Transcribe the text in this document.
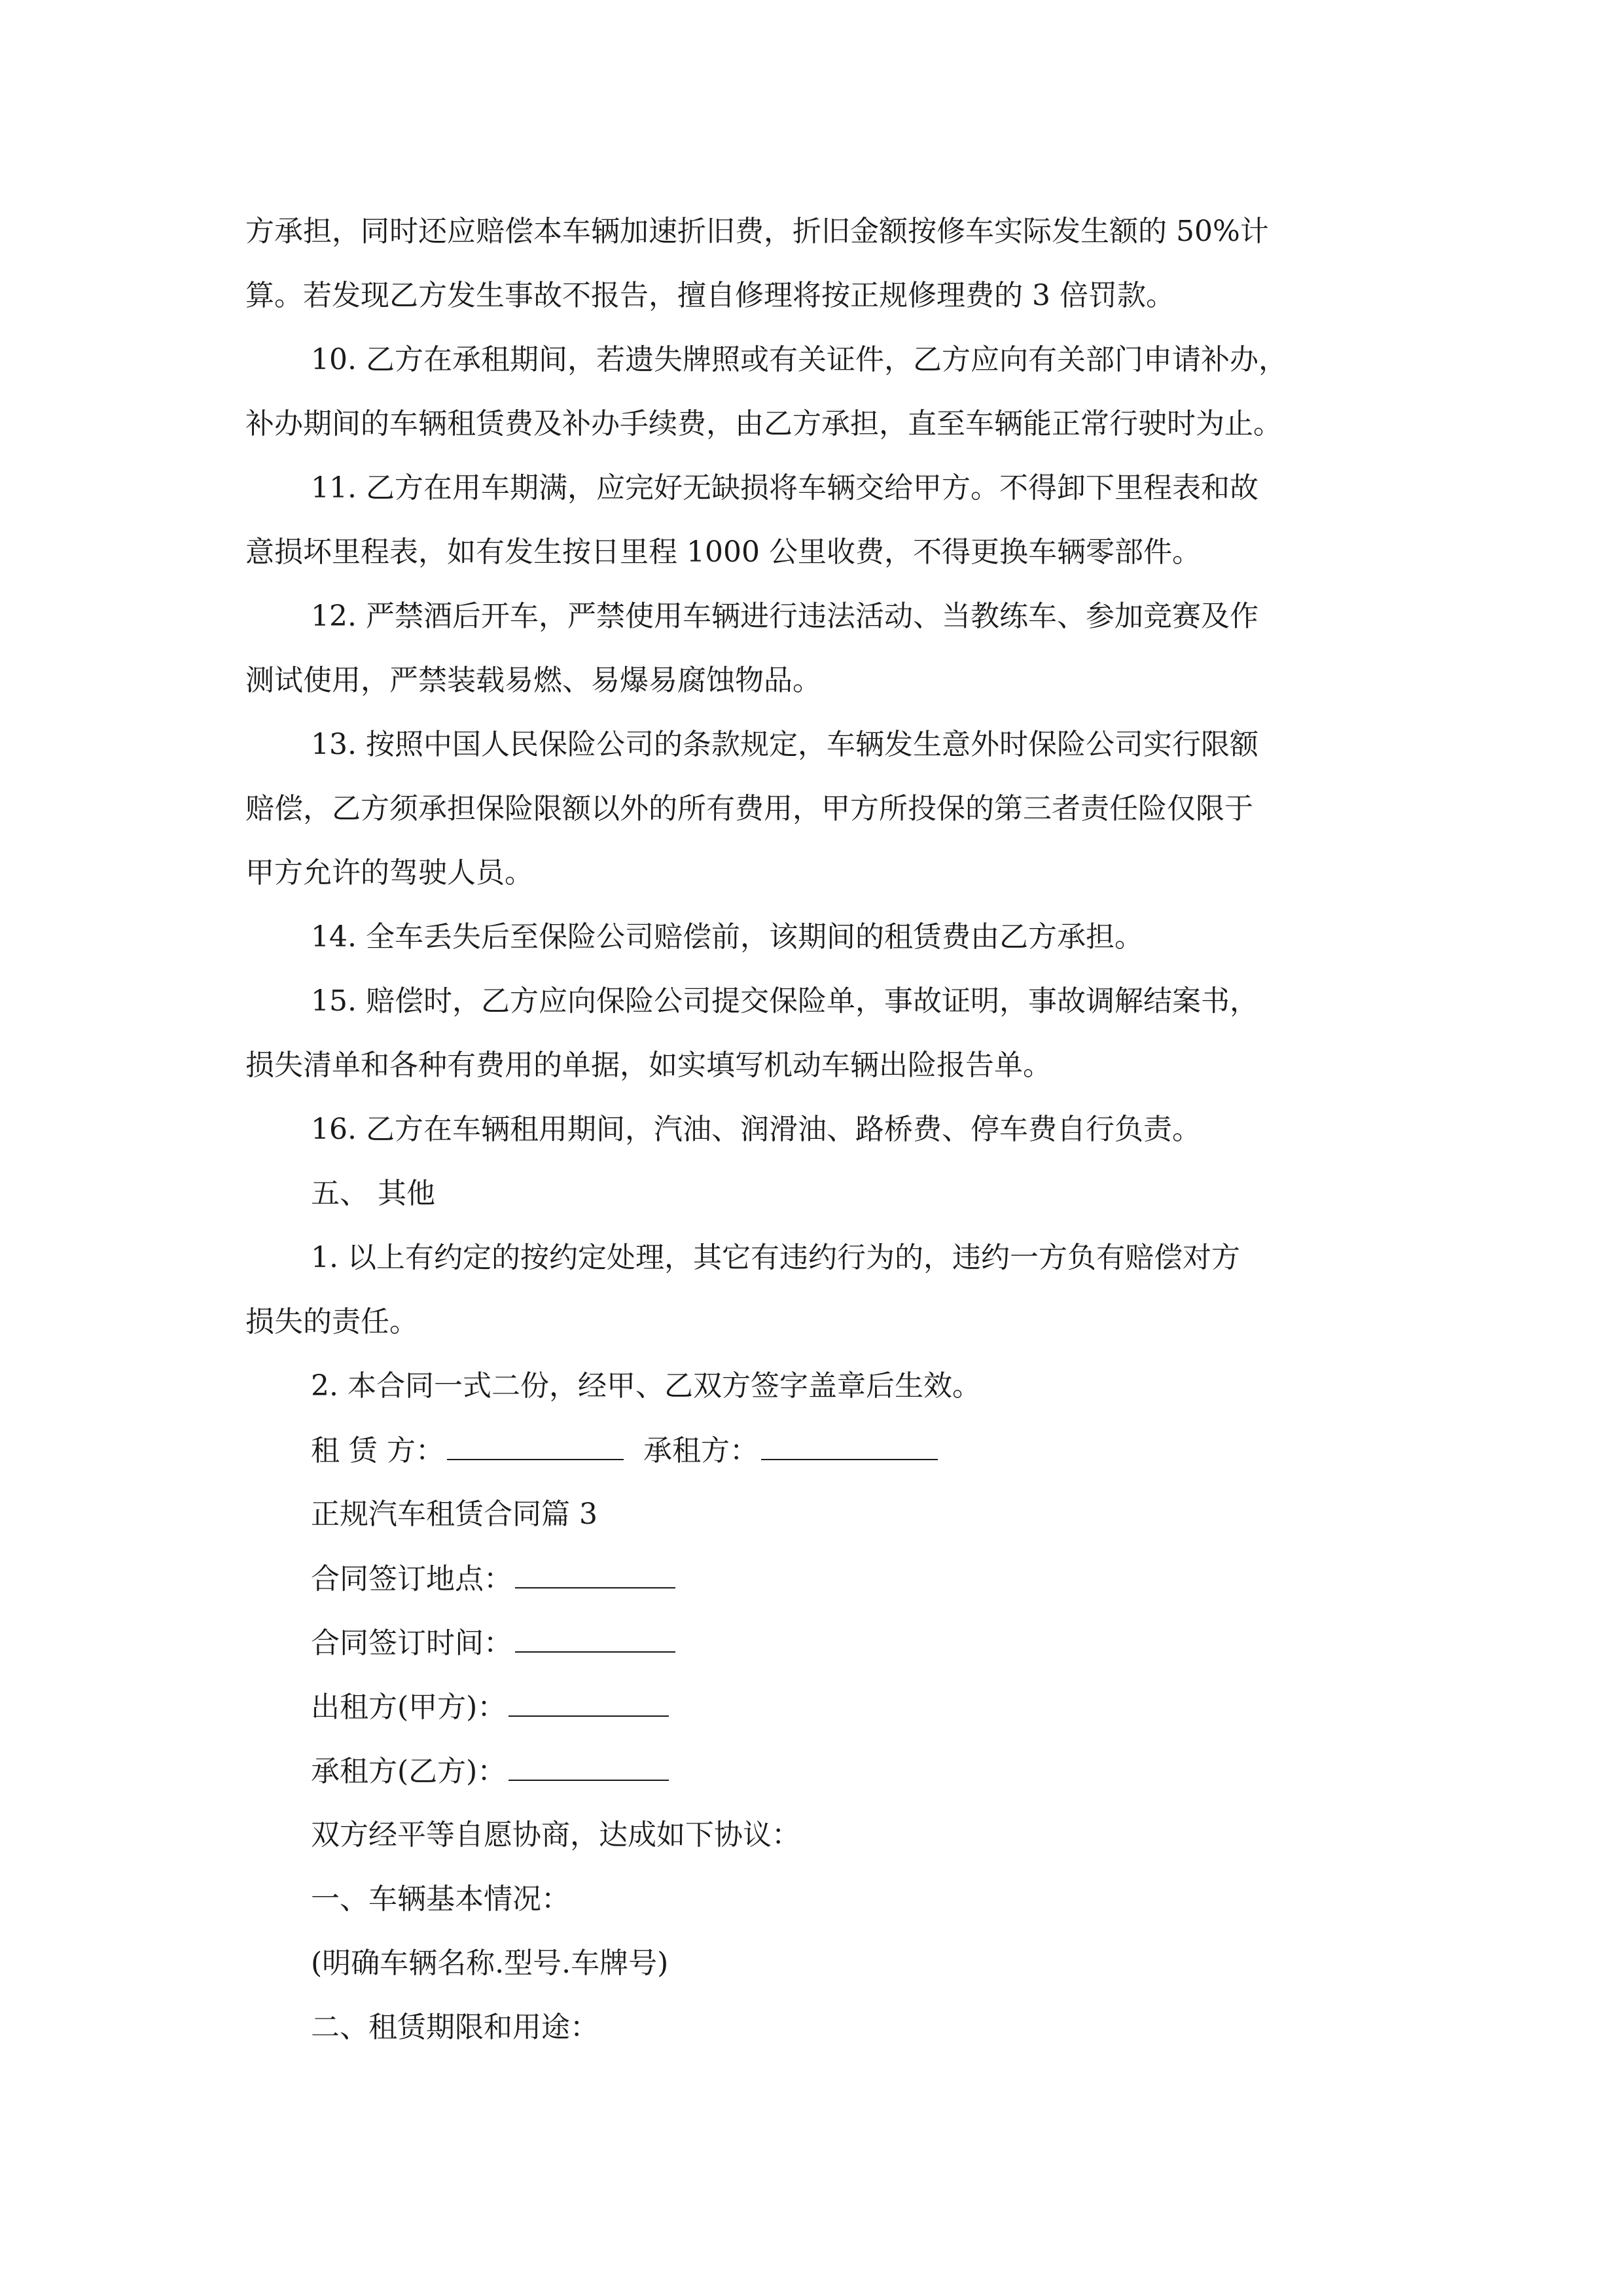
方承担，同时还应赔偿本车辆加速折旧费，折旧金额按修车实际发生额的 50%计
算。若发现乙方发生事故不报告，擅自修理将按正规修理费的 3 倍罚款。
10. 乙方在承租期间，若遗失牌照或有关证件，乙方应向有关部门申请补办，
补办期间的车辆租赁费及补办手续费，由乙方承担，直至车辆能正常行驶时为止。
11. 乙方在用车期满，应完好无缺损将车辆交给甲方。不得卸下里程表和故
意损坏里程表，如有发生按日里程 1000 公里收费，不得更换车辆零部件。
12. 严禁酒后开车，严禁使用车辆进行违法活动、当教练车、参加竞赛及作
测试使用，严禁装载易燃、易爆易腐蚀物品。
13. 按照中国人民保险公司的条款规定，车辆发生意外时保险公司实行限额
赔偿，乙方须承担保险限额以外的所有费用，甲方所投保的第三者责任险仅限于
甲方允许的驾驶人员。
14. 全车丢失后至保险公司赔偿前，该期间的租赁费由乙方承担。
15. 赔偿时，乙方应向保险公司提交保险单，事故证明，事故调解结案书，
损失清单和各种有费用的单据，如实填写机动车辆出险报告单。
16. 乙方在车辆租用期间，汽油、润滑油、路桥费、停车费自行负责。
五、 其他
1. 以上有约定的按约定处理，其它有违约行为的，违约一方负有赔偿对方
损失的责任。
2. 本合同一式二份，经甲、乙双方签字盖章后生效。
租 赁 方：	承租方：
正规汽车租赁合同篇 3
合同签订地点：
合同签订时间：
出租方(甲方)：
承租方(乙方)：
双方经平等自愿协商，达成如下协议：
一、车辆基本情况：
(明确车辆名称.型号.车牌号)
二、租赁期限和用途：
